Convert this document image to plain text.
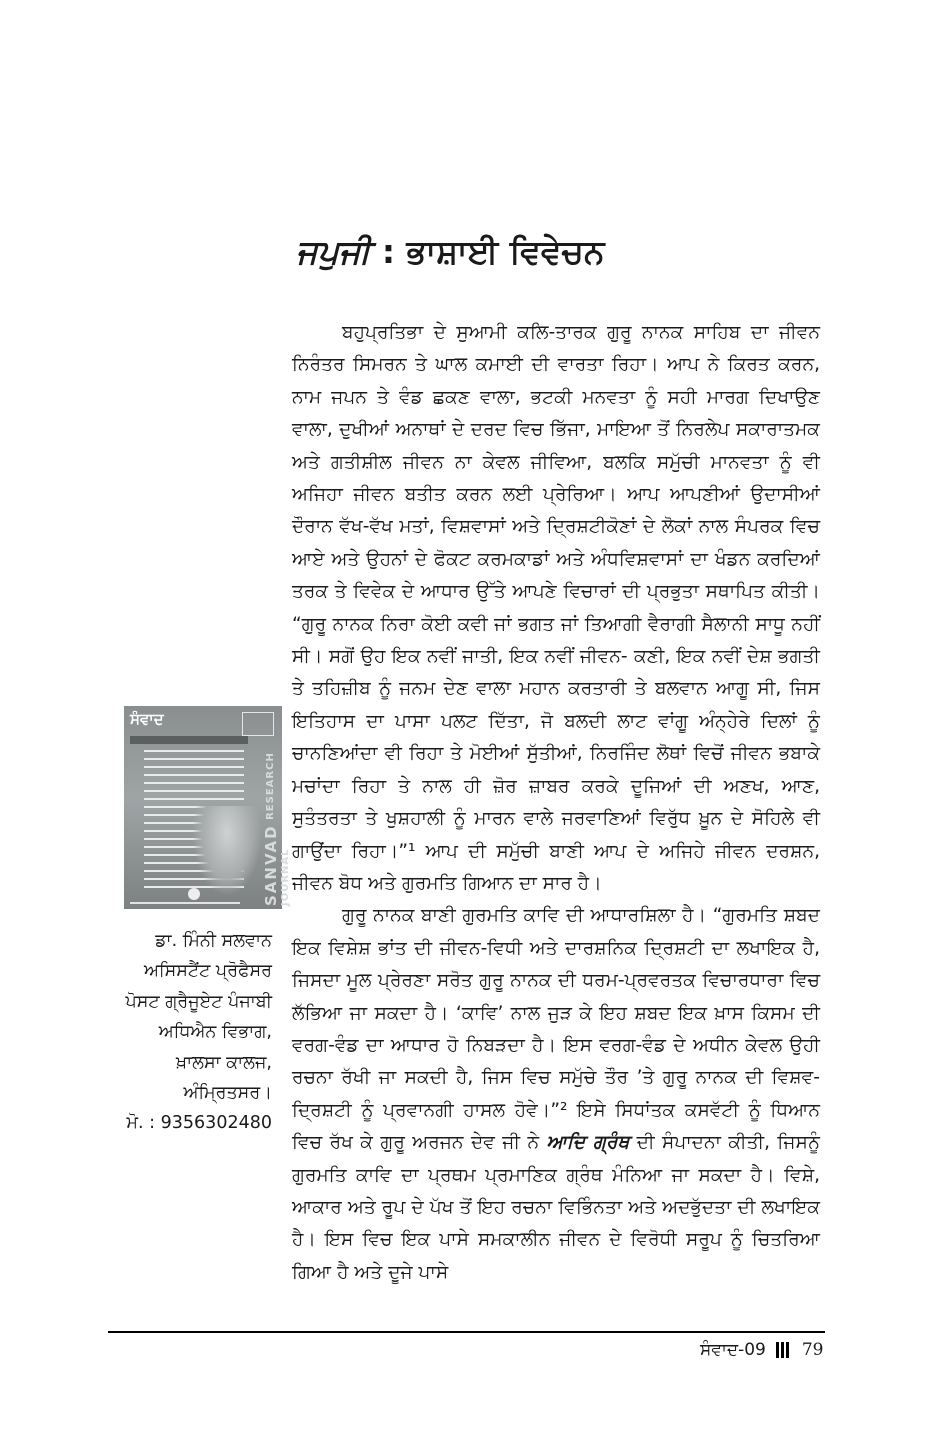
ਜਪੁਜੀ : ਭਾਸ਼ਾਈ ਵਿਵੇਚਨ

ਬਹੁਪ੍ਰਤਿਭਾ ਦੇ ਸੁਆਮੀ ਕਲਿ-ਤਾਰਕ ਗੁਰੂ ਨਾਨਕ ਸਾਹਿਬ ਦਾ ਜੀਵਨ ਨਿਰੰਤਰ ਸਿਮਰਨ ਤੇ ਘਾਲ ਕਮਾਈ ਦੀ ਵਾਰਤਾ ਰਿਹਾ। ਆਪ ਨੇ ਕਿਰਤ ਕਰਨ, ਨਾਮ ਜਪਨ ਤੇ ਵੰਡ ਛਕਣ ਵਾਲਾ, ਭਟਕੀ ਮਨਵਤਾ ਨੂੰ ਸਹੀ ਮਾਰਗ ਦਿਖਾਉਣ ਵਾਲਾ, ਦੁਖੀਆਂ ਅਨਾਥਾਂ ਦੇ ਦਰਦ ਵਿਚ ਭਿੱਜਾ, ਮਾਇਆ ਤੋਂ ਨਿਰਲੇਪ ਸਕਾਰਾਤਮਕ ਅਤੇ ਗਤੀਸ਼ੀਲ ਜੀਵਨ ਨਾ ਕੇਵਲ ਜੀਵਿਆ, ਬਲਕਿ ਸਮੁੱਚੀ ਮਾਨਵਤਾ ਨੂੰ ਵੀ ਅਜਿਹਾ ਜੀਵਨ ਬਤੀਤ ਕਰਨ ਲਈ ਪ੍ਰੇਰਿਆ। ਆਪ ਆਪਣੀਆਂ ਉਦਾਸੀਆਂ ਦੌਰਾਨ ਵੱਖ-ਵੱਖ ਮਤਾਂ, ਵਿਸ਼ਵਾਸਾਂ ਅਤੇ ਦ੍ਰਿਸ਼ਟੀਕੋਣਾਂ ਦੇ ਲੋਕਾਂ ਨਾਲ ਸੰਪਰਕ ਵਿਚ ਆਏ ਅਤੇ ਉਹਨਾਂ ਦੇ ਫੋਕਟ ਕਰਮਕਾਡਾਂ ਅਤੇ ਅੰਧਵਿਸ਼ਵਾਸਾਂ ਦਾ ਖੰਡਨ ਕਰਦਿਆਂ ਤਰਕ ਤੇ ਵਿਵੇਕ ਦੇ ਆਧਾਰ ਉੱਤੇ ਆਪਣੇ ਵਿਚਾਰਾਂ ਦੀ ਪ੍ਰਭੁਤਾ ਸਥਾਪਿਤ ਕੀਤੀ। “ਗੁਰੂ ਨਾਨਕ ਨਿਰਾ ਕੋਈ ਕਵੀ ਜਾਂ ਭਗਤ ਜਾਂ ਤਿਆਗੀ ਵੈਰਾਗੀ ਸੈਲਾਨੀ ਸਾਧੂ ਨਹੀਂ ਸੀ। ਸਗੋਂ ਉਹ ਇਕ ਨਵੀਂ ਜਾਤੀ, ਇਕ ਨਵੀਂ ਜੀਵਨ- ਕਣੀ, ਇਕ ਨਵੀਂ ਦੇਸ਼ ਭਗਤੀ ਤੇ ਤਹਿਜ਼ੀਬ ਨੂੰ ਜਨਮ ਦੇਣ ਵਾਲਾ ਮਹਾਨ ਕਰਤਾਰੀ ਤੇ ਬਲਵਾਨ ਆਗੂ ਸੀ, ਜਿਸ ਇਤਿਹਾਸ ਦਾ ਪਾਸਾ ਪਲਟ ਦਿੱਤਾ, ਜੋ ਬਲਦੀ ਲਾਟ ਵਾਂਗੂ ਅੰਨ੍ਹੇਰੇ ਦਿਲਾਂ ਨੂੰ ਚਾਨਣਿਆਂਦਾ ਵੀ ਰਿਹਾ ਤੇ ਮੋਈਆਂ ਸੁੱਤੀਆਂ, ਨਿਰਜਿੰਦ ਲੋਥਾਂ ਵਿਚੋਂ ਜੀਵਨ ਭਬਾਕੇ ਮਚਾਂਦਾ ਰਿਹਾ ਤੇ ਨਾਲ ਹੀ ਜ਼ੋਰ ਜ਼ਾਬਰ ਕਰਕੇ ਦੂਜਿਆਂ ਦੀ ਅਣਖ, ਆਣ, ਸੁਤੰਤਰਤਾ ਤੇ ਖੁਸ਼ਹਾਲੀ ਨੂੰ ਮਾਰਨ ਵਾਲੇ ਜਰਵਾਣਿਆਂ ਵਿਰੁੱਧ ਖ਼ੂਨ ਦੇ ਸੋਹਿਲੇ ਵੀ ਗਾਉਂਦਾ ਰਿਹਾ।”¹ ਆਪ ਦੀ ਸਮੁੱਚੀ ਬਾਣੀ ਆਪ ਦੇ ਅਜਿਹੇ ਜੀਵਨ ਦਰਸ਼ਨ, ਜੀਵਨ ਬੋਧ ਅਤੇ ਗੁਰਮਤਿ ਗਿਆਨ ਦਾ ਸਾਰ ਹੈ।

ਗੁਰੂ ਨਾਨਕ ਬਾਣੀ ਗੁਰਮਤਿ ਕਾਵਿ ਦੀ ਆਧਾਰਸ਼ਿਲਾ ਹੈ। “ਗੁਰਮਤਿ ਸ਼ਬਦ ਇਕ ਵਿਸ਼ੇਸ਼ ਭਾਂਤ ਦੀ ਜੀਵਨ-ਵਿਧੀ ਅਤੇ ਦਾਰਸ਼ਨਿਕ ਦ੍ਰਿਸ਼ਟੀ ਦਾ ਲਖਾਇਕ ਹੈ, ਜਿਸਦਾ ਮੂਲ ਪ੍ਰੇਰਣਾ ਸਰੋਤ ਗੁਰੂ ਨਾਨਕ ਦੀ ਧਰਮ-ਪ੍ਰਵਰਤਕ ਵਿਚਾਰਧਾਰਾ ਵਿਚ ਲੱਭਿਆ ਜਾ ਸਕਦਾ ਹੈ। ‘ਕਾਵਿ’ ਨਾਲ ਜੁੜ ਕੇ ਇਹ ਸ਼ਬਦ ਇਕ ਖ਼ਾਸ ਕਿਸਮ ਦੀ ਵਰਗ-ਵੰਡ ਦਾ ਆਧਾਰ ਹੋ ਨਿਬੜਦਾ ਹੈ। ਇਸ ਵਰਗ-ਵੰਡ ਦੇ ਅਧੀਨ ਕੇਵਲ ਉਹੀ ਰਚਨਾ ਰੱਖੀ ਜਾ ਸਕਦੀ ਹੈ, ਜਿਸ ਵਿਚ ਸਮੁੱਚੇ ਤੌਰ ’ਤੇ ਗੁਰੂ ਨਾਨਕ ਦੀ ਵਿਸ਼ਵ-ਦ੍ਰਿਸ਼ਟੀ ਨੂੰ ਪ੍ਰਵਾਨਗੀ ਹਾਸਲ ਹੋਵੇ।”² ਇਸੇ ਸਿਧਾਂਤਕ ਕਸਵੱਟੀ ਨੂੰ ਧਿਆਨ ਵਿਚ ਰੱਖ ਕੇ ਗੁਰੂ ਅਰਜਨ ਦੇਵ ਜੀ ਨੇ ਆਦਿ ਗ੍ਰੰਥ ਦੀ ਸੰਪਾਦਨਾ ਕੀਤੀ, ਜਿਸਨੂੰ ਗੁਰਮਤਿ ਕਾਵਿ ਦਾ ਪ੍ਰਥਮ ਪ੍ਰਮਾਣਿਕ ਗ੍ਰੰਥ ਮੰਨਿਆ ਜਾ ਸਕਦਾ ਹੈ। ਵਿਸ਼ੇ, ਆਕਾਰ ਅਤੇ ਰੂਪ ਦੇ ਪੱਖ ਤੋਂ ਇਹ ਰਚਨਾ ਵਿਭਿੰਨਤਾ ਅਤੇ ਅਦਭੁੱਦਤਾ ਦੀ ਲਖਾਇਕ ਹੈ। ਇਸ ਵਿਚ ਇਕ ਪਾਸੇ ਸਮਕਾਲੀਨ ਜੀਵਨ ਦੇ ਵਿਰੋਧੀ ਸਰੂਪ ਨੂੰ ਚਿਤਰਿਆ ਗਿਆ ਹੈ ਅਤੇ ਦੂਜੇ ਪਾਸੇ

ਸੰਵਾਦ
SANVAD RESEARCH JOURNAL
ਡਾ. ਮਿੰਨੀ ਸਲਵਾਨ
ਅਸਿਸਟੈਂਟ ਪ੍ਰੋਫੈਸਰ
ਪੋਸਟ ਗ੍ਰੈਜੂਏਟ ਪੰਜਾਬੀ
ਅਧਿਐਨ ਵਿਭਾਗ,
ਖ਼ਾਲਸਾ ਕਾਲਜ,
ਅੰਮ੍ਰਿਤਸਰ।
ਮੋ. : 9356302480
ਸੰਵਾਦ-09 79
